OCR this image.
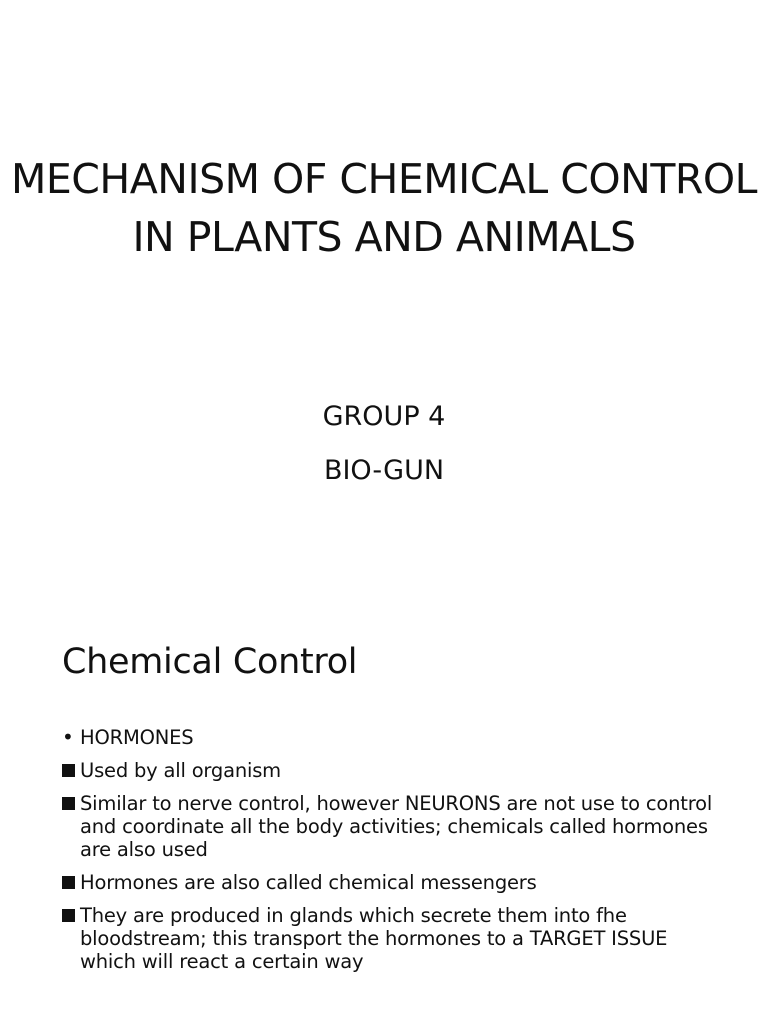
MECHANISM OF CHEMICAL CONTROL IN PLANTS AND ANIMALS
GROUP 4
BIO-GUN
Chemical Control
•
HORMONES
Used by all organism
Similar to nerve control, however NEURONS are not use to control and coordinate all the body activities; chemicals called hormones are also used
Hormones are also called chemical messengers
They are produced in glands which secrete them into fhe bloodstream; this transport the hormones to a TARGET ISSUE which will react a certain way
